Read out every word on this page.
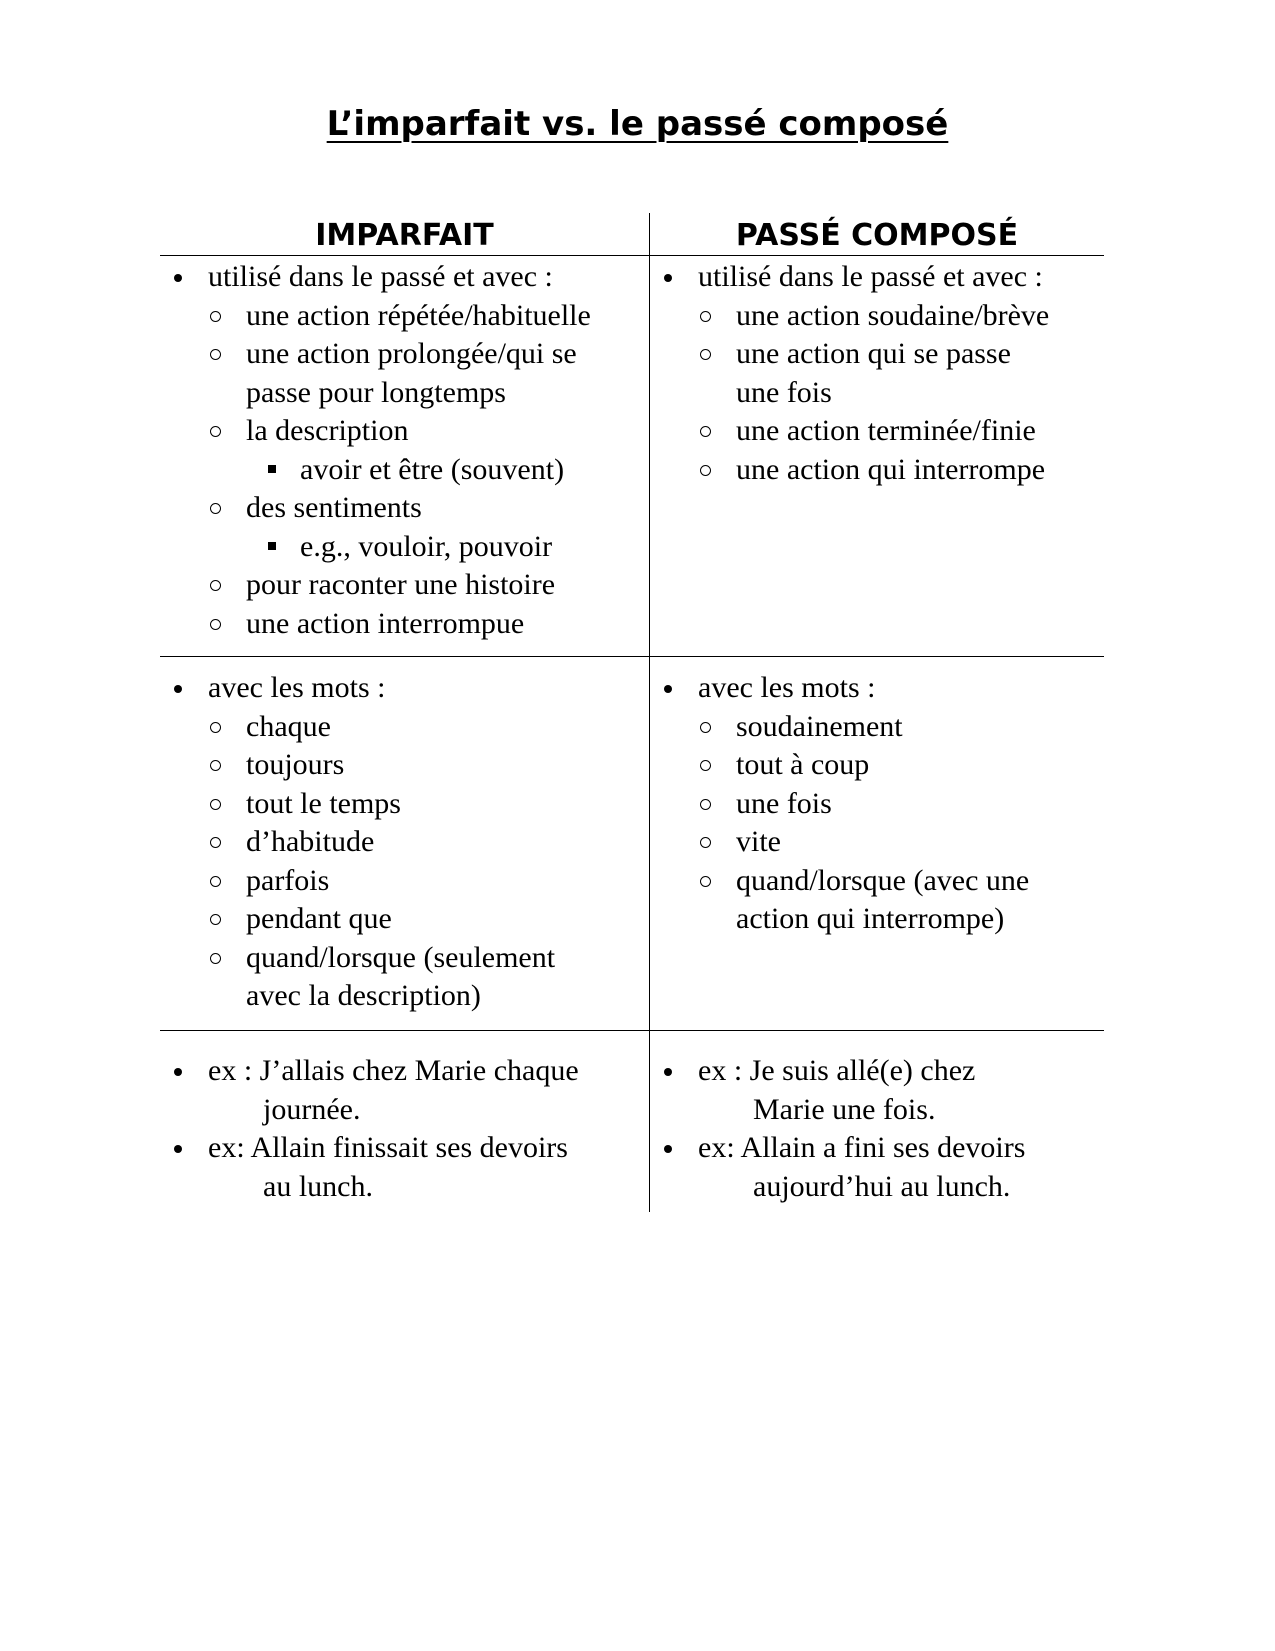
L’imparfait vs. le passé composé
IMPARFAIT	PASSÉ COMPOSÉ
utilisé dans le passé et avec :
une action répétée/habituelle
une action prolongée/qui se passe pour longtemps
la description
avoir et être (souvent)
des sentiments
e.g., vouloir, pouvoir
pour raconter une histoire
une action interrompue
utilisé dans le passé et avec :
une action soudaine/brève
une action qui se passe une fois
une action terminée/finie
une action qui interrompe
avec les mots :
chaque
toujours
tout le temps
d’habitude
parfois
pendant que
quand/lorsque (seulement avec la description)
avec les mots :
soudainement
tout à coup
une fois
vite
quand/lorsque (avec une action qui interrompe)
ex : J’allais chez Marie chaque
journée.
ex: Allain finissait ses devoirs
au lunch.
ex : Je suis allé(e) chez
Marie une fois.
ex: Allain a fini ses devoirs
aujourd’hui au lunch.
